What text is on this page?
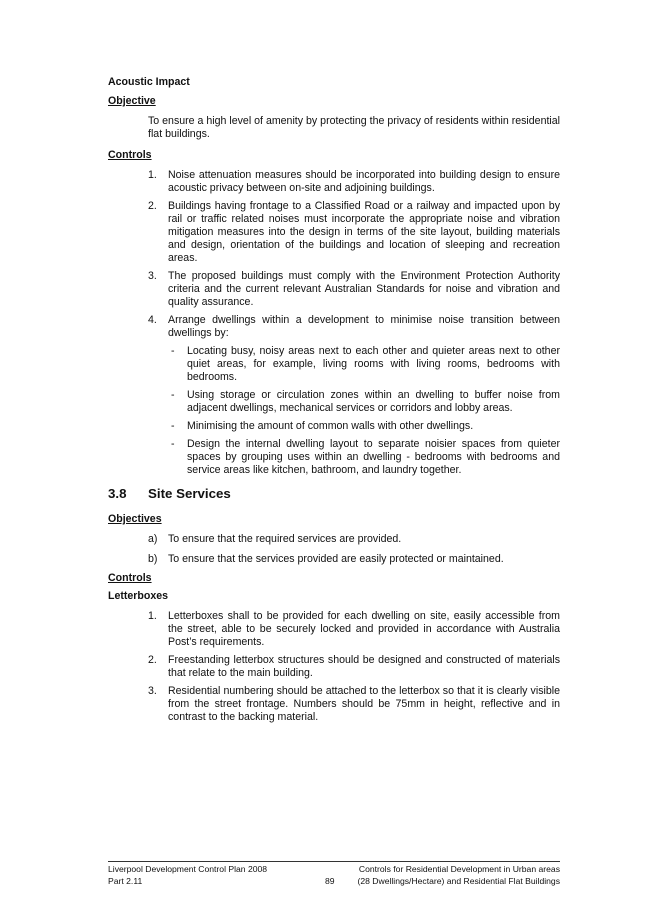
Acoustic Impact

Objective

To ensure a high level of amenity by protecting the privacy of residents within residential flat buildings.

Controls

1. Noise attenuation measures should be incorporated into building design to ensure acoustic privacy between on-site and adjoining buildings.
2. Buildings having frontage to a Classified Road or a railway and impacted upon by rail or traffic related noises must incorporate the appropriate noise and vibration mitigation measures into the design in terms of the site layout, building materials and design, orientation of the buildings and location of sleeping and recreation areas.
3. The proposed buildings must comply with the Environment Protection Authority criteria and the current relevant Australian Standards for noise and vibration and quality assurance.
4. Arrange dwellings within a development to minimise noise transition between dwellings by:
- Locating busy, noisy areas next to each other and quieter areas next to other quiet areas, for example, living rooms with living rooms, bedrooms with bedrooms.
- Using storage or circulation zones within an dwelling to buffer noise from adjacent dwellings, mechanical services or corridors and lobby areas.
- Minimising the amount of common walls with other dwellings.
- Design the internal dwelling layout to separate noisier spaces from quieter spaces by grouping uses within an dwelling - bedrooms with bedrooms and service areas like kitchen, bathroom, and laundry together.
3.8 Site Services

Objectives

a) To ensure that the required services are provided.
b) To ensure that the services provided are easily protected or maintained.

Controls

Letterboxes

1. Letterboxes shall to be provided for each dwelling on site, easily accessible from the street, able to be securely locked and provided in accordance with Australia Post’s requirements.
2. Freestanding letterbox structures should be designed and constructed of materials that relate to the main building.
3. Residential numbering should be attached to the letterbox so that it is clearly visible from the street frontage. Numbers should be 75mm in height, reflective and in contrast to the backing material.
Liverpool Development Control Plan 2008	Controls for Residential Development in Urban areas
Part 2.11	89	(28 Dwellings/Hectare) and Residential Flat Buildings
